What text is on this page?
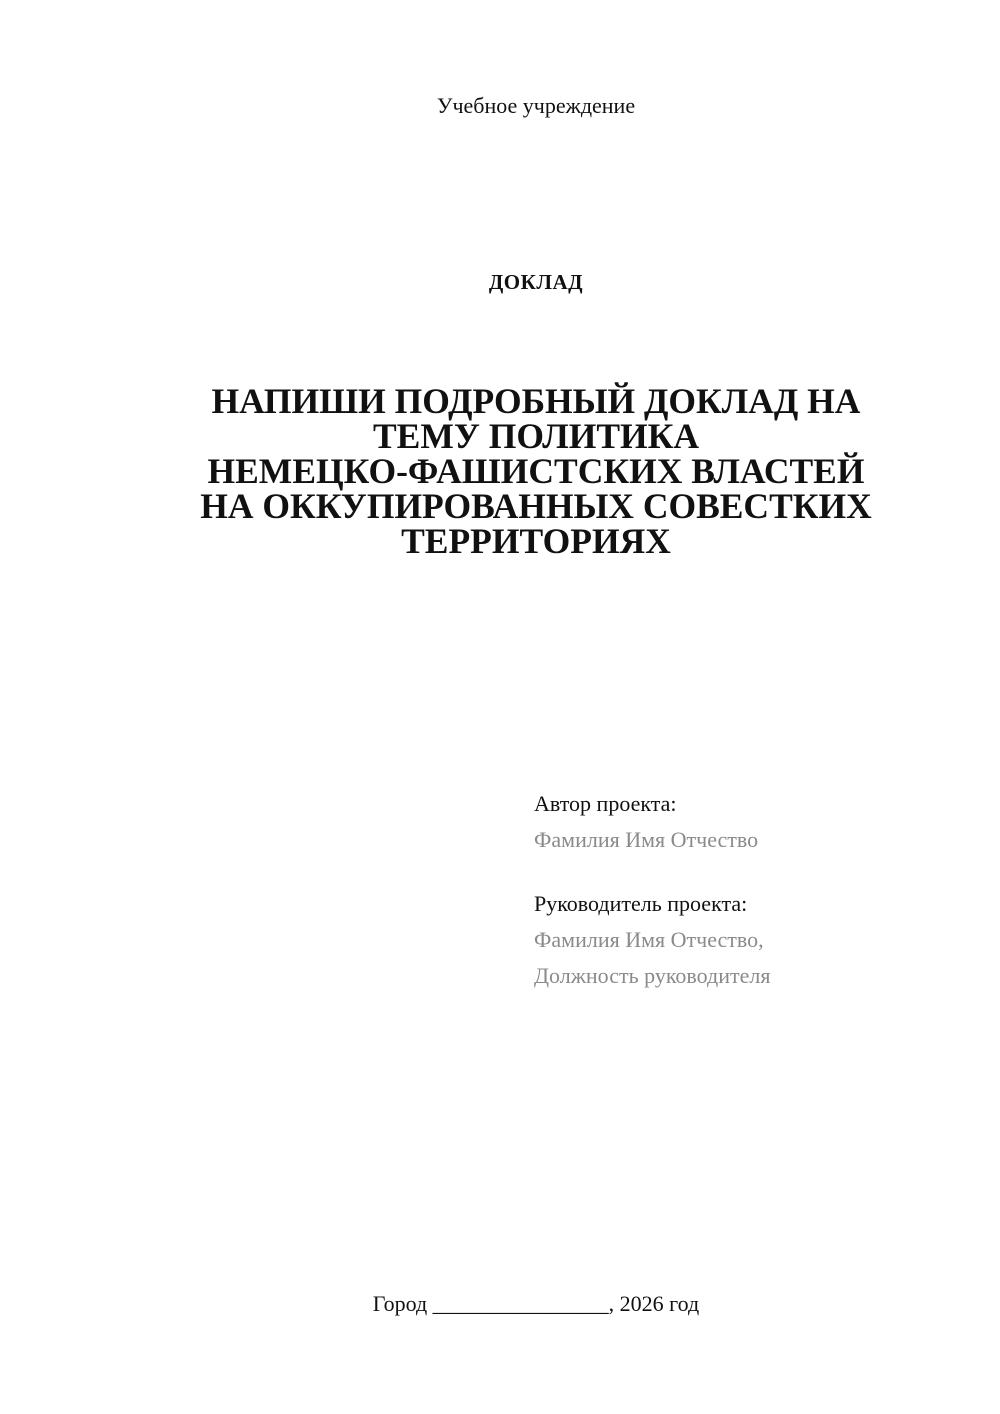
Учебное учреждение
ДОКЛАД
НАПИШИ ПОДРОБНЫЙ ДОКЛАД НА
ТЕМУ ПОЛИТИКА
НЕМЕЦКО-ФАШИСТСКИХ ВЛАСТЕЙ
НА ОККУПИРОВАННЫХ СОВЕСТКИХ
ТЕРРИТОРИЯХ
Автор проекта:
Фамилия Имя Отчество
Руководитель проекта:
Фамилия Имя Отчество,
Должность руководителя
Город ________________, 2026 год
